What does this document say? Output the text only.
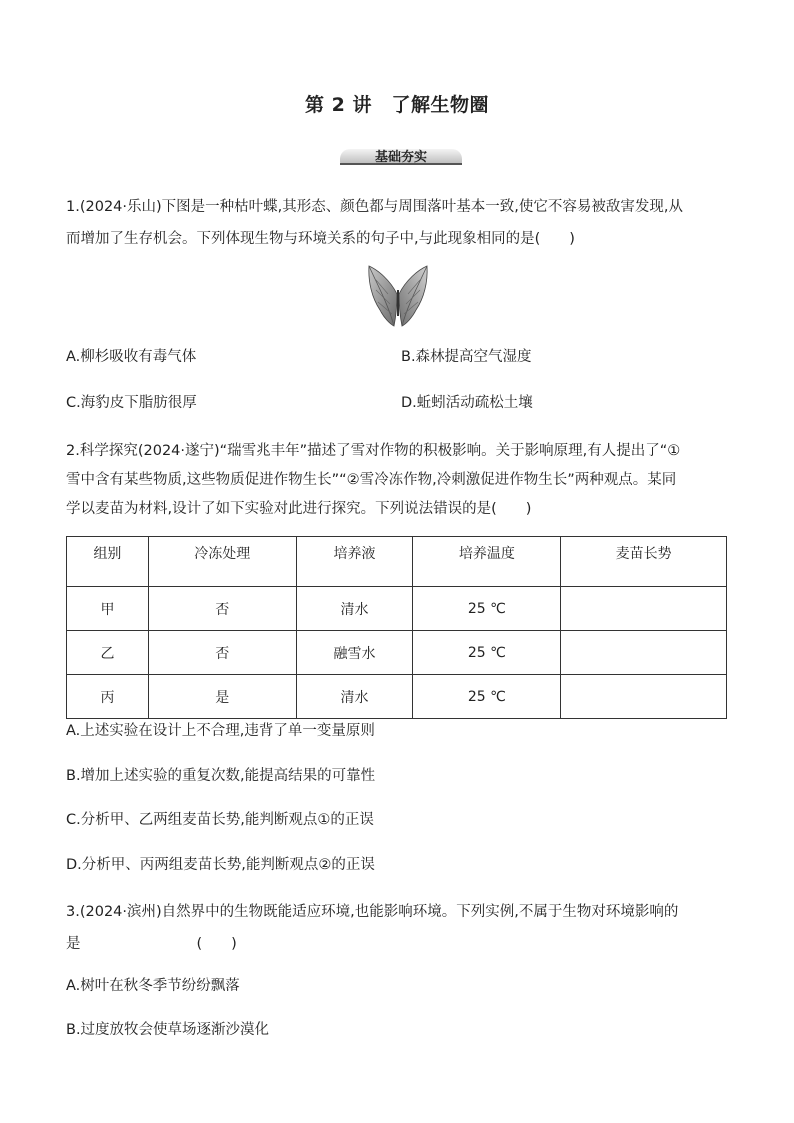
第 2 讲　了解生物圈
基础夯实
1.(2024·乐山)下图是一种枯叶蝶,其形态、颜色都与周围落叶基本一致,使它不容易被敌害发现,从
而增加了生存机会。下列体现生物与环境关系的句子中,与此现象相同的是(　　)
A.柳杉吸收有毒气体	B.森林提高空气湿度
C.海豹皮下脂肪很厚	D.蚯蚓活动疏松土壤
2.科学探究(2024·遂宁)“瑞雪兆丰年”描述了雪对作物的积极影响。关于影响原理,有人提出了“①
雪中含有某些物质,这些物质促进作物生长”“②雪冷冻作物,冷刺激促进作物生长”两种观点。某同
学以麦苗为材料,设计了如下实验对此进行探究。下列说法错误的是(　　)
组别	冷冻处理	培养液	培养温度	麦苗长势
甲	否	清水	25 ℃	
乙	否	融雪水	25 ℃	
丙	是	清水	25 ℃	
A.上述实验在设计上不合理,违背了单一变量原则
B.增加上述实验的重复次数,能提高结果的可靠性
C.分析甲、乙两组麦苗长势,能判断观点①的正误
D.分析甲、丙两组麦苗长势,能判断观点②的正误
3.(2024·滨州)自然界中的生物既能适应环境,也能影响环境。下列实例,不属于生物对环境影响的
是　　　　　　　　(　　)
A.树叶在秋冬季节纷纷飘落
B.过度放牧会使草场逐渐沙漠化
